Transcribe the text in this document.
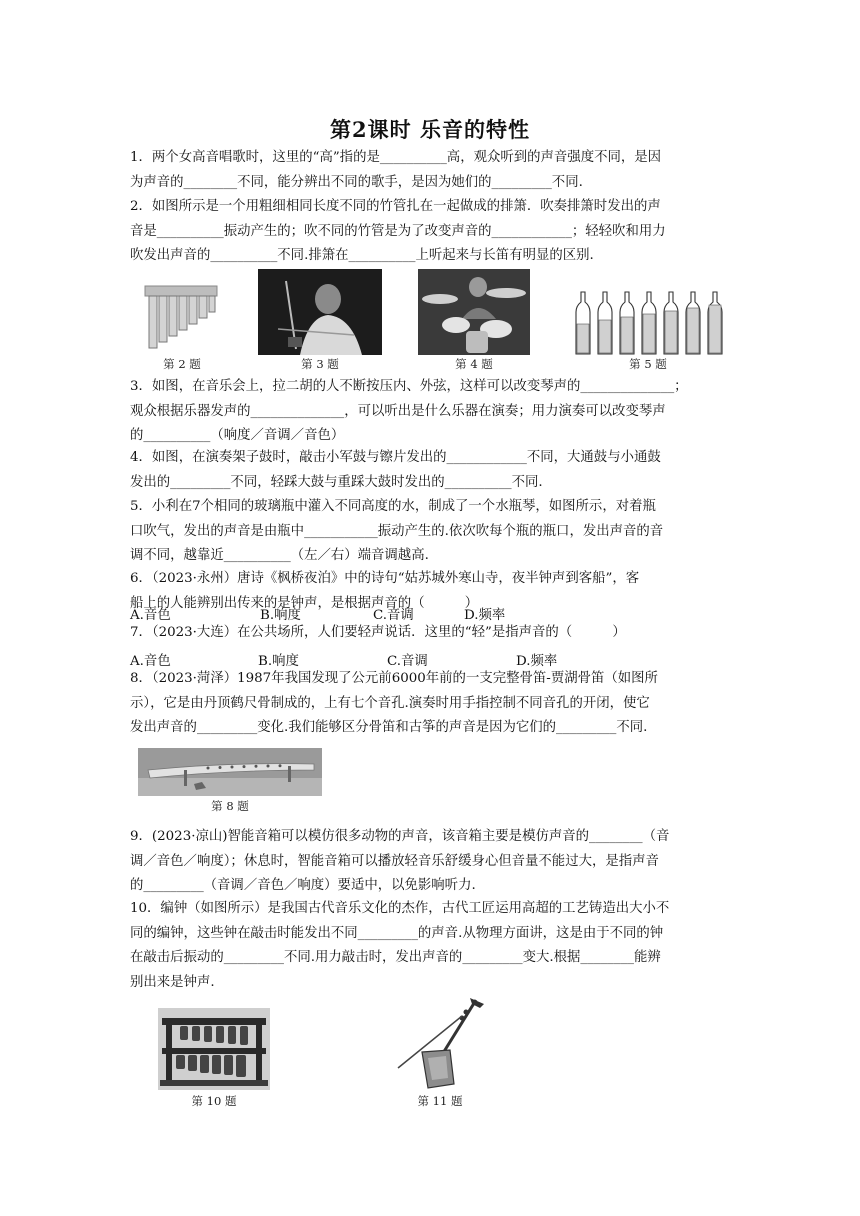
第2课时 乐音的特性
1．两个女高音唱歌时，这里的“高”指的是__________高，观众听到的声音强度不同，是因
为声音的________不同，能分辨出不同的歌手，是因为她们的_________不同.
2．如图所示是一个用粗细相同长度不同的竹管扎在一起做成的排箫．吹奏排箫时发出的声
音是__________振动产生的；吹不同的竹管是为了改变声音的____________；轻轻吹和用力
吹发出声音的__________不同.排箫在__________上听起来与长笛有明显的区别.
第 2 题	第 3 题	第 4 题	第 5 题
3．如图，在音乐会上，拉二胡的人不断按压内、外弦，这样可以改变琴声的______________；
观众根据乐器发声的______________，可以听出是什么乐器在演奏；用力演奏可以改变琴声
的__________（响度／音调／音色）
4．如图，在演奏架子鼓时，敲击小军鼓与镲片发出的____________不同，大通鼓与小通鼓
发出的_________不同，轻踩大鼓与重踩大鼓时发出的__________不同.
5．小利在7个相同的玻璃瓶中灌入不同高度的水，制成了一个水瓶琴，如图所示，对着瓶
口吹气，发出的声音是由瓶中___________振动产生的.依次吹每个瓶的瓶口，发出声音的音
调不同，越靠近__________（左／右）端音调越高.
6．（2023·永州）唐诗《枫桥夜泊》中的诗句“姑苏城外寒山寺，夜半钟声到客船”，客
船上的人能辨别出传来的是钟声，是根据声音的（　　　）
A.音色	B.响度	C.音调	D.频率
7．（2023·大连）在公共场所，人们要轻声说话．这里的“轻”是指声音的（　　　）
A.音色	B.响度	C.音调	D.频率
8．（2023·菏泽）1987年我国发现了公元前6000年前的一支完整骨笛-贾湖骨笛（如图所
示），它是由丹顶鹤尺骨制成的，上有七个音孔.演奏时用手指控制不同音孔的开闭，使它
发出声音的_________变化.我们能够区分骨笛和古筝的声音是因为它们的_________不同.
第 8 题
9．(2023·凉山)智能音箱可以模仿很多动物的声音，该音箱主要是模仿声音的________（音
调／音色／响度）；休息时，智能音箱可以播放轻音乐舒缓身心但音量不能过大，是指声音
的_________（音调／音色／响度）要适中，以免影响听力.
10．编钟（如图所示）是我国古代音乐文化的杰作，古代工匠运用高超的工艺铸造出大小不
同的编钟，这些钟在敲击时能发出不同_________的声音.从物理方面讲，这是由于不同的钟
在敲击后振动的_________不同.用力敲击时，发出声音的_________变大.根据________能辨
别出来是钟声.
第 10 题	第 11 题
